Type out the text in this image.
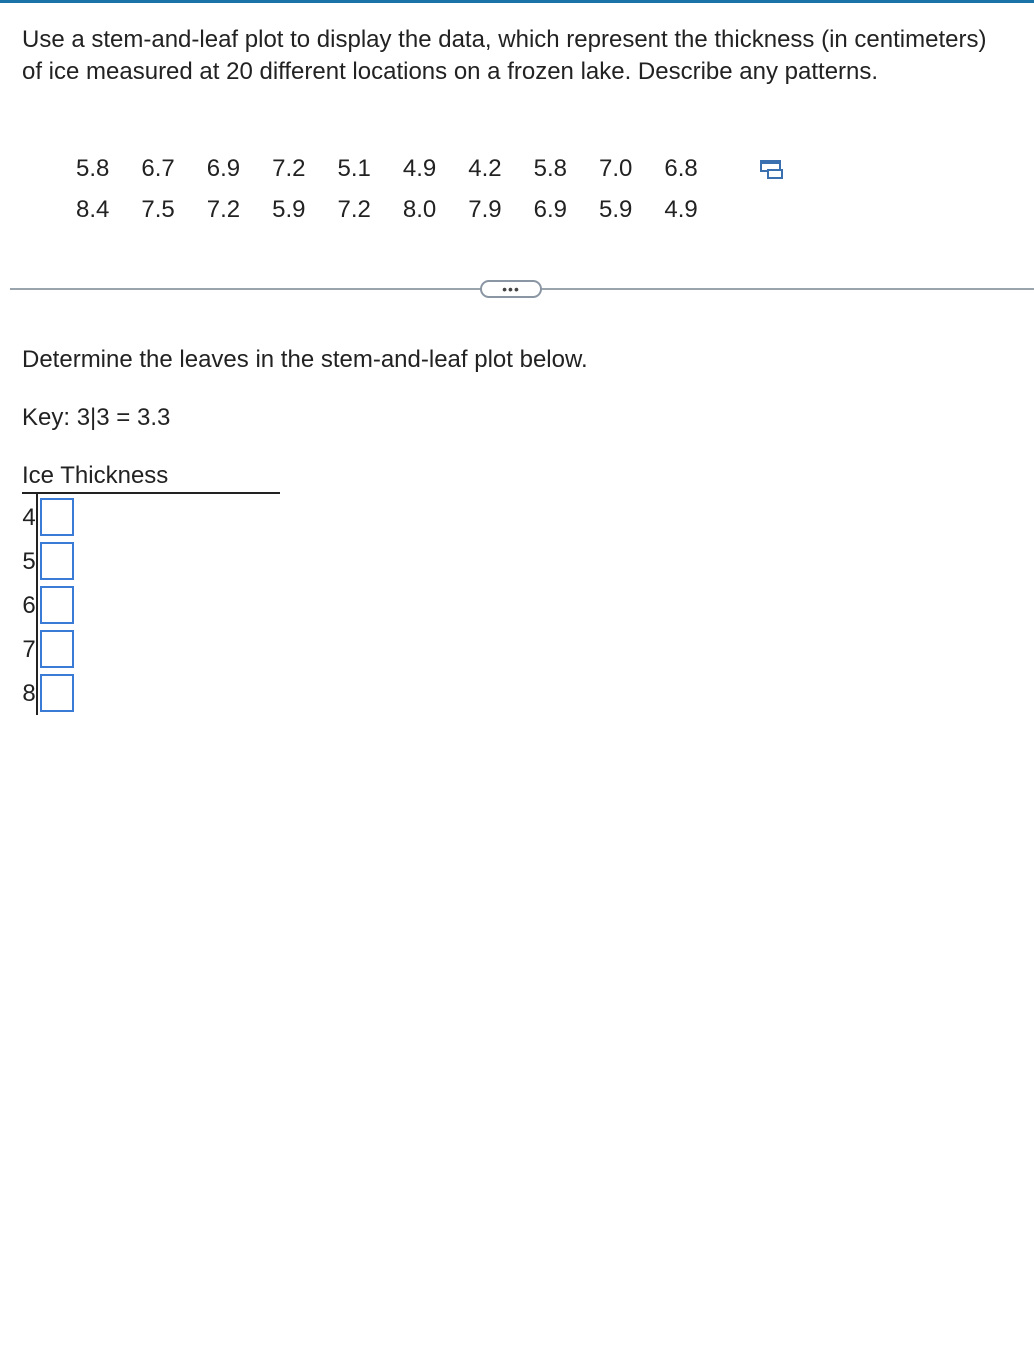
Use a stem-and-leaf plot to display the data, which represent the thickness (in centimeters) of ice measured at 20 different locations on a frozen lake. Describe any patterns.

5.8	6.7	6.9	7.2	5.1	4.9	4.2	5.8	7.0	6.8
8.4	7.5	7.2	5.9	7.2	8.0	7.9	6.9	5.9	4.9
•••

Determine the leaves in the stem-and-leaf plot below.

Key: 3|3 = 3.3

Ice Thickness

4
5
6
7
8
